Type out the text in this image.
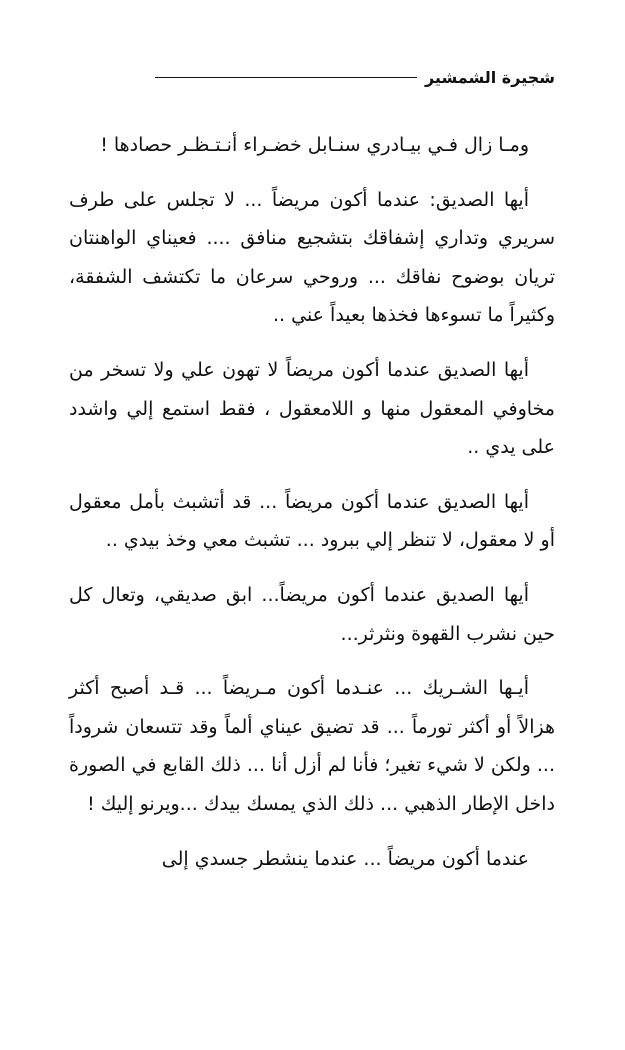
شجيرة الشمشير

ومـا زال فـي بيـادري سنـابل خضـراء أنـتـظـر حصادها !

أيها الصديق: عندما أكون مريضاً ... لا تجلس على طرف سريري وتداري إشفاقك بتشجيع منافق .... فعيناي الواهنتان تريان بوضوح نفاقك ... وروحي سرعان ما تكتشف الشفقة، وكثيراً ما تسوءها فخذها بعيداً عني ..

أيها الصديق عندما أكون مريضاً لا تهون علي ولا تسخر من مخاوفي المعقول منها و اللامعقول ، فقط استمع إلي واشدد على يدي ..

أيها الصديق عندما أكون مريضاً ... قد أتشبث بأمل معقول أو لا معقول، لا تنظر إلي ببرود ... تشبث معي وخذ بيدي ..

أيها الصديق عندما أكون مريضاً... ابق صديقي، وتعال كل حين نشرب القهوة ونثرثر...

أيـها الشـريك ... عنـدما أكون مـريضاً ... قـد أصبح أكثر هزالاً أو أكثر تورماً ... قد تضيق عيناي ألماً وقد تتسعان شروداً ... ولكن لا شيء تغير؛ فأنا لم أزل أنا ... ذلك القابع في الصورة داخل الإطار الذهبي ... ذلك الذي يمسك بيدك ...ويرنو إليك !

عندما أكون مريضاً ... عندما ينشطر جسدي إلى
